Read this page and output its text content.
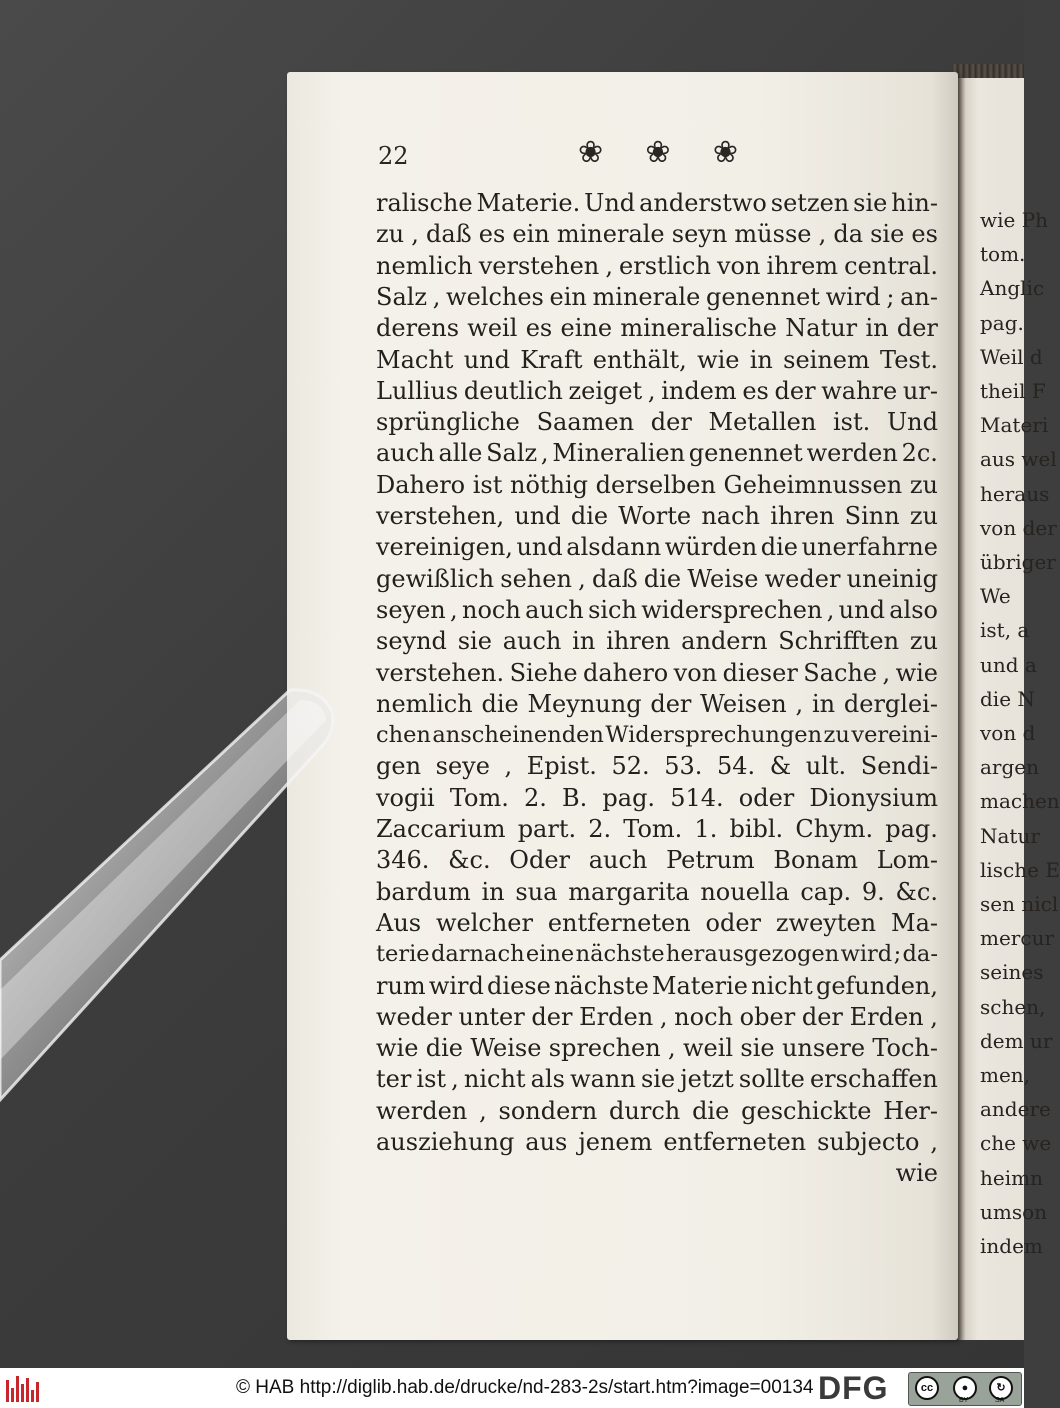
wie Ph
tom.
Anglic
pag.
Weil d
theil F
Materi
aus wel
heraus
von der
übriger
We
ist, a
und a
die N
von d
argen
machen
Natur
lische E
sen nicl
mercur
seines
schen,
dem ur
men,
andere
che we
heimn
umson
indem
22	❀ ❀ ❀
ralische Materie. Und anderstwo setzen sie hin-
zu , daß es ein minerale seyn müsse , da sie es
nemlich verstehen , erstlich von ihrem central.
Salz , welches ein minerale genennet wird ; an-
derens weil es eine mineralische Natur in der
Macht und Kraft enthält, wie in seinem Test.
Lullius deutlich zeiget , indem es der wahre ur-
sprüngliche Saamen der Metallen ist. Und
auch alle Salz , Mineralien genennet werden 2c.
Dahero ist nöthig derselben Geheimnussen zu
verstehen, und die Worte nach ihren Sinn zu
vereinigen, und alsdann würden die unerfahrne
gewißlich sehen , daß die Weise weder uneinig
seyen , noch auch sich widersprechen , und also
seynd sie auch in ihren andern Schrifften zu
verstehen. Siehe dahero von dieser Sache , wie
nemlich die Meynung der Weisen , in derglei-
chen anscheinenden Widersprechungen zu vereini-
gen seye , Epist. 52. 53. 54. & ult. Sendi-
vogii Tom. 2. B. pag. 514. oder Dionysium
Zaccarium part. 2. Tom. 1. bibl. Chym. pag.
346. &c. Oder auch Petrum Bonam Lom-
bardum in sua margarita nouella cap. 9. &c.
Aus welcher entferneten oder zweyten Ma-
terie darnach eine nächste herausgezogen wird ; da-
rum wird diese nächste Materie nicht gefunden,
weder unter der Erden , noch ober der Erden ,
wie die Weise sprechen , weil sie unsere Toch-
ter ist , nicht als wann sie jetzt sollte erschaffen
werden , sondern durch die geschickte Her-
ausziehung aus jenem entferneten subjecto ,
wie
© HAB http://diglib.hab.de/drucke/nd-283-2s/start.htm?image=00134 DFG	cc	●
BY
↻
SA
